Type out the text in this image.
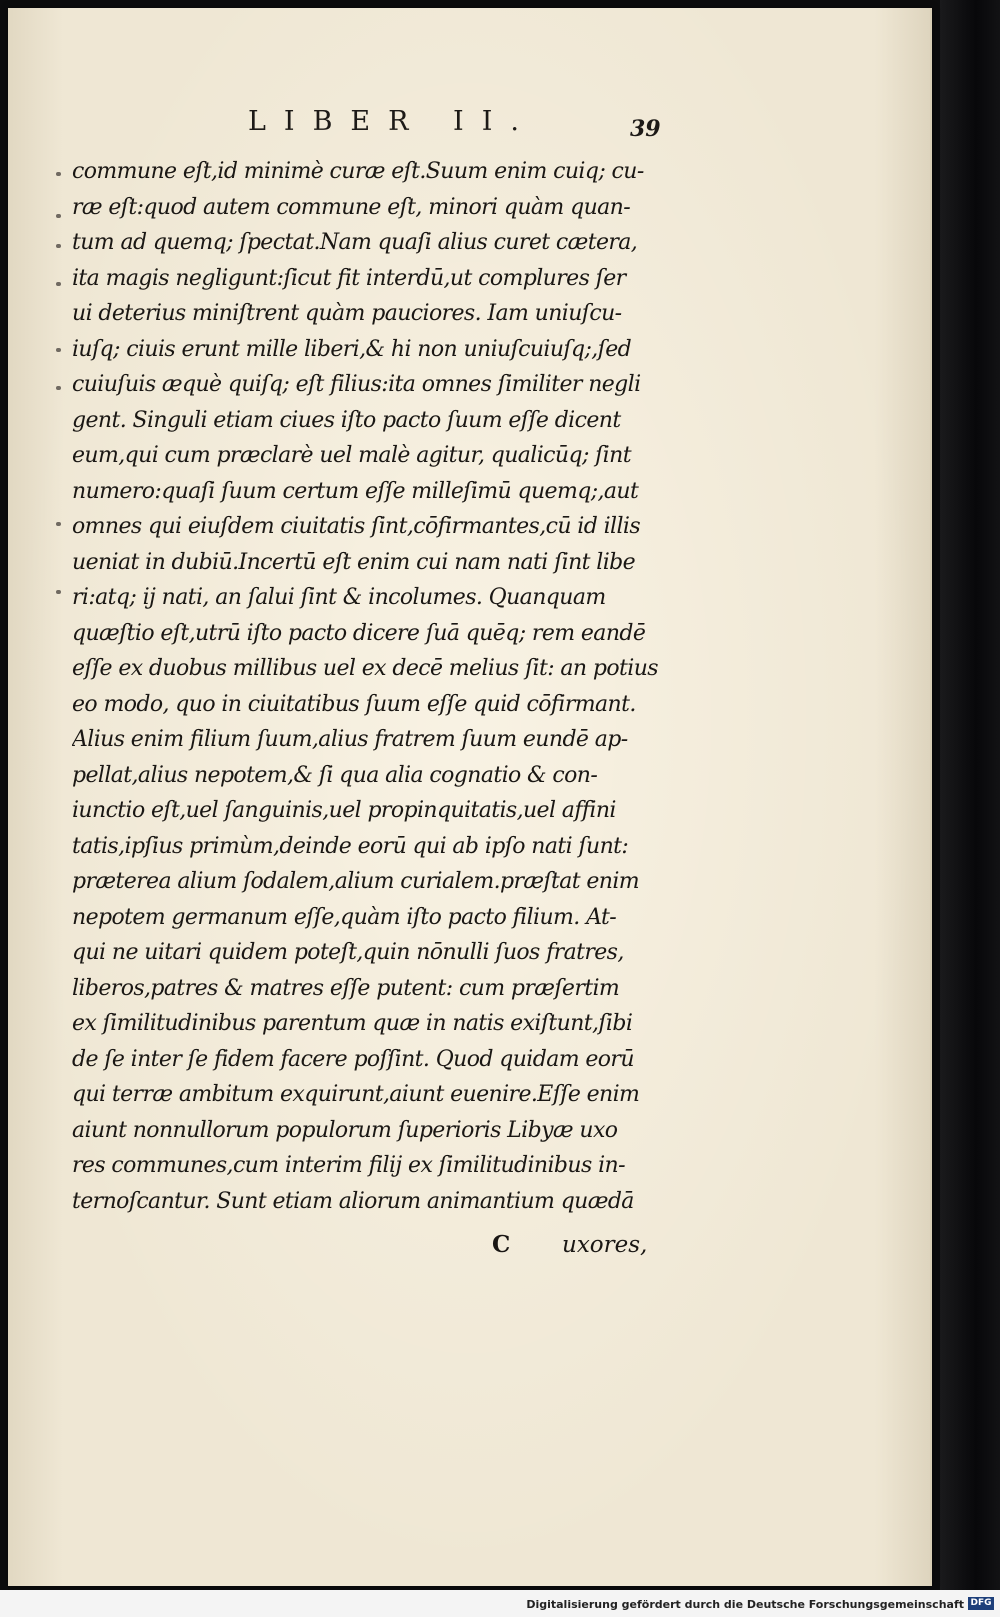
LIBER II.	39
commune eſt,id minimè curæ eſt.Suum enim cuiq; cu-
ræ eſt:quod autem commune eſt, minori quàm quan-
tum ad quemq; ſpectat.Nam quaſi alius curet cætera,
ita magis negligunt:ſicut fit interdū,ut complures ſer
ui deterius miniſtrent quàm pauciores. Iam uniuſcu-
iuſq; ciuis erunt mille liberi,& hi non uniuſcuiuſq;,ſed
cuiuſuis æquè quiſq; eſt filius:ita omnes ſimiliter negli
gent. Singuli etiam ciues iſto pacto ſuum eſſe dicent
eum,qui cum præclarè uel malè agitur, qualicūq; ſint
numero:quaſi ſuum certum eſſe milleſimū quemq;,aut
omnes qui eiuſdem ciuitatis ſint,cōfirmantes,cū id illis
ueniat in dubiū.Incertū eſt enim cui nam nati ſint libe
ri:atq; ij nati, an ſalui ſint & incolumes. Quanquam
quæſtio eſt,utrū iſto pacto dicere ſuā quēq; rem eandē
eſſe ex duobus millibus uel ex decē melius ſit: an potius
eo modo, quo in ciuitatibus ſuum eſſe quid cōfirmant.
Alius enim filium ſuum,alius fratrem ſuum eundē ap-
pellat,alius nepotem,& ſi qua alia cognatio & con-
iunctio eſt,uel ſanguinis,uel propinquitatis,uel affini
tatis,ipſius primùm,deinde eorū qui ab ipſo nati ſunt:
præterea alium ſodalem,alium curialem.præſtat enim
nepotem germanum eſſe,quàm iſto pacto filium. At-
qui ne uitari quidem poteſt,quin nōnulli ſuos fratres,
liberos,patres & matres eſſe putent: cum præſertim
ex ſimilitudinibus parentum quæ in natis exiſtunt,ſibi
de ſe inter ſe fidem facere poſſint. Quod quidam eorū
qui terræ ambitum exquirunt,aiunt euenire.Eſſe enim
aiunt nonnullorum populorum ſuperioris Libyæ uxo
res communes,cum interim filij ex ſimilitudinibus in-
ternoſcantur. Sunt etiam aliorum animantium quædā
C uxores,
Digitalisierung gefördert durch die Deutsche Forschungsgemeinschaft DFG
